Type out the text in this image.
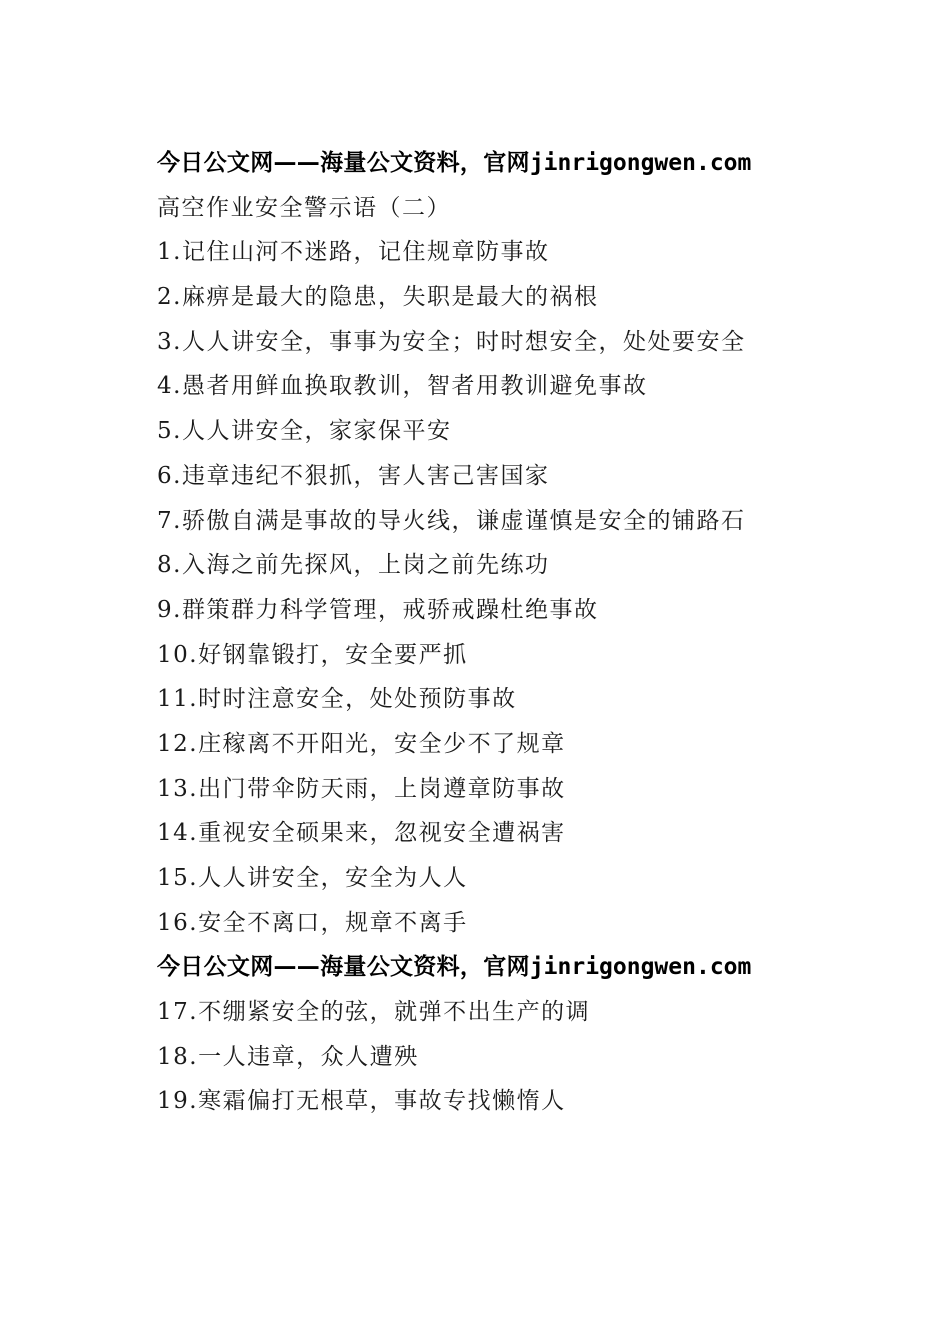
今日公文网——海量公文资料，官网jinrigongwen.com
高空作业安全警示语（二）
1.记住山河不迷路，记住规章防事故
2.麻痹是最大的隐患，失职是最大的祸根
3.人人讲安全，事事为安全；时时想安全，处处要安全
4.愚者用鲜血换取教训，智者用教训避免事故
5.人人讲安全，家家保平安
6.违章违纪不狠抓，害人害己害国家
7.骄傲自满是事故的导火线，谦虚谨慎是安全的铺路石
8.入海之前先探风，上岗之前先练功
9.群策群力科学管理，戒骄戒躁杜绝事故
10.好钢靠锻打，安全要严抓
11.时时注意安全，处处预防事故
12.庄稼离不开阳光，安全少不了规章
13.出门带伞防天雨，上岗遵章防事故
14.重视安全硕果来，忽视安全遭祸害
15.人人讲安全，安全为人人
16.安全不离口，规章不离手
今日公文网——海量公文资料，官网jinrigongwen.com
17.不绷紧安全的弦，就弹不出生产的调
18.一人违章，众人遭殃
19.寒霜偏打无根草，事故专找懒惰人
